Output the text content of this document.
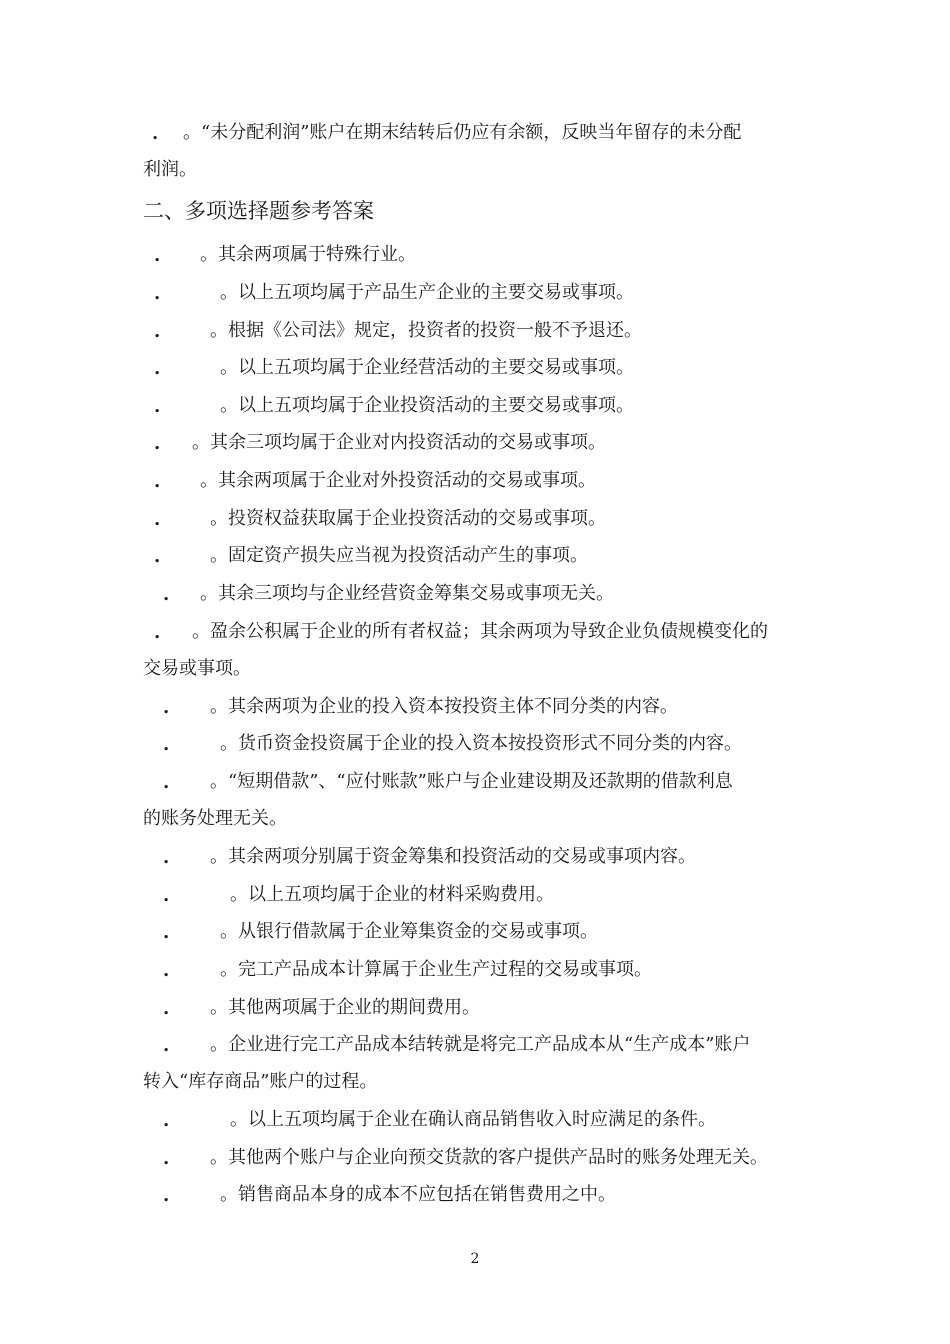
. 。“未分配利润”账户在期末结转后仍应有余额，反映当年留存的未分配
利润。
二、多项选择题参考答案
. 。其余两项属于特殊行业。
.	。以上五项均属于产品生产企业的主要交易或事项。
.	。根据《公司法》规定，投资者的投资一般不予退还。
.	。以上五项均属于企业经营活动的主要交易或事项。
.	。以上五项均属于企业投资活动的主要交易或事项。
. 。其余三项均属于企业对内投资活动的交易或事项。
. 。其余两项属于企业对外投资活动的交易或事项。
.	。投资权益获取属于企业投资活动的交易或事项。
.	。固定资产损失应当视为投资活动产生的事项。
. 。其余三项均与企业经营资金筹集交易或事项无关。
. 。盈余公积属于企业的所有者权益；其余两项为导致企业负债规模变化的
交易或事项。
. 。其余两项为企业的投入资本按投资主体不同分类的内容。
.	。货币资金投资属于企业的投入资本按投资形式不同分类的内容。
. 。“短期借款”、“应付账款”账户与企业建设期及还款期的借款利息
的账务处理无关。
. 。其余两项分别属于资金筹集和投资活动的交易或事项内容。
.	。以上五项均属于企业的材料采购费用。
.	。从银行借款属于企业筹集资金的交易或事项。
.	。完工产品成本计算属于企业生产过程的交易或事项。
. 。其他两项属于企业的期间费用。
. 。企业进行完工产品成本结转就是将完工产品成本从“生产成本”账户
转入“库存商品”账户的过程。
.	。以上五项均属于企业在确认商品销售收入时应满足的条件。
. 。其他两个账户与企业向预交货款的客户提供产品时的账务处理无关。
.	。销售商品本身的成本不应包括在销售费用之中。
2
